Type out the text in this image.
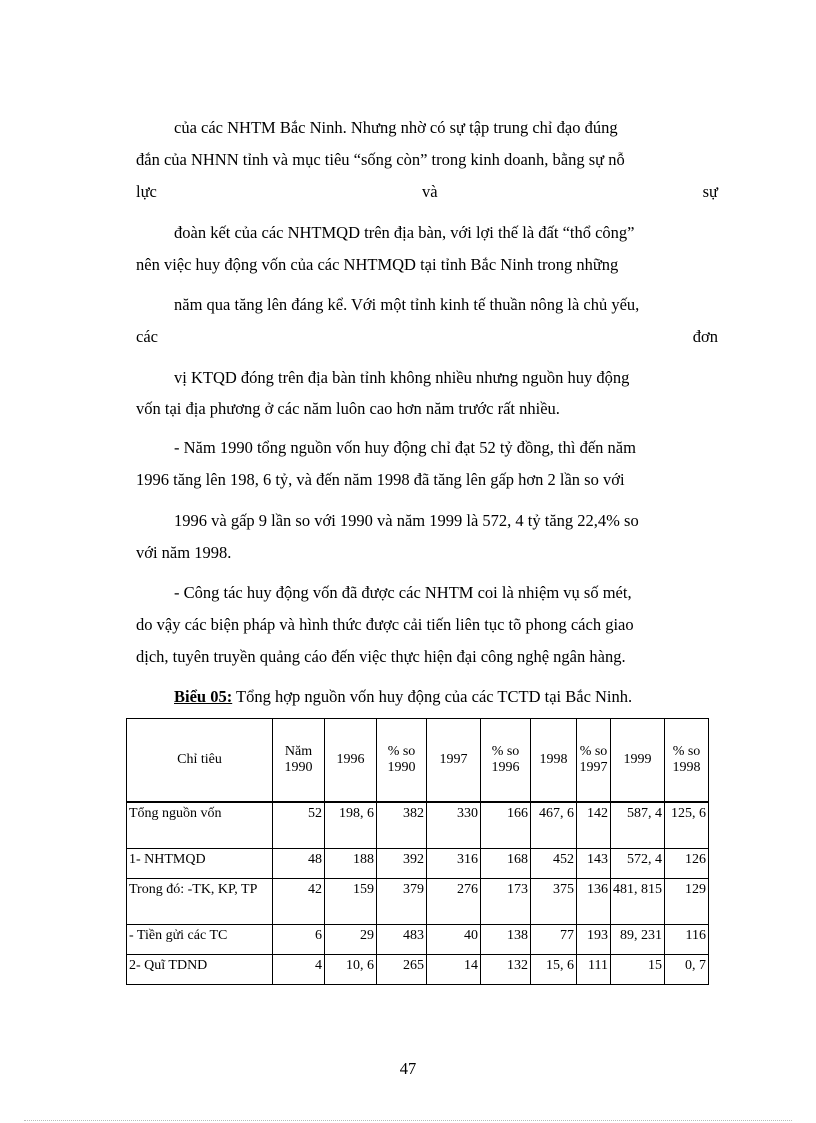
của các NHTM Bắc Ninh. Nhưng nhờ có sự tập trung chỉ đạo đúng
đắn của NHNN tỉnh và mục tiêu “sống còn” trong kinh doanh, bằng sự nỗ
lực	và	sự
đoàn kết của các NHTMQD trên địa bàn, với lợi thế là đất “thổ công”
nên việc huy động vốn của các NHTMQD tại tỉnh Bắc Ninh trong những
năm qua tăng lên đáng kể. Với một tỉnh kinh tế thuần nông là chủ yếu,
các	đơn
vị KTQD đóng trên địa bàn tỉnh không nhiều nhưng nguồn huy động
vốn tại địa phương ở các năm luôn cao hơn năm trước rất nhiều.
- Năm 1990 tổng nguồn vốn huy động chỉ đạt 52 tỷ đồng, thì đến năm
1996 tăng lên 198, 6 tỷ, và đến năm 1998 đã tăng lên gấp hơn 2 lần so với
1996 và gấp 9 lần so với 1990 và năm 1999 là 572, 4 tỷ tăng 22,4% so
với năm 1998.
- Công tác huy động vốn đã được các NHTM coi là nhiệm vụ số mét,
do vậy các biện pháp và hình thức được cải tiến liên tục tõ phong cách giao
dịch, tuyên truyền quảng cáo đến việc thực hiện đại công nghệ ngân hàng.
Biểu 05: Tổng hợp nguồn vốn huy động của các TCTD tại Bắc Ninh.
Chỉ tiêu	Năm 1990	1996	% so 1990	1997	% so 1996	1998	% so 1997	1999	% so 1998
Tổng nguồn vốn	52	198, 6	382	330	166	467, 6	142	587, 4	125, 6
1- NHTMQD	48	188	392	316	168	452	143	572, 4	126
Trong đó: -TK, KP, TP	42	159	379	276	173	375	136	481, 815	129
- Tiền gửi các TC	6	29	483	40	138	77	193	89, 231	116
2- Quĩ TDND	4	10, 6	265	14	132	15, 6	111	15	0, 7
47
